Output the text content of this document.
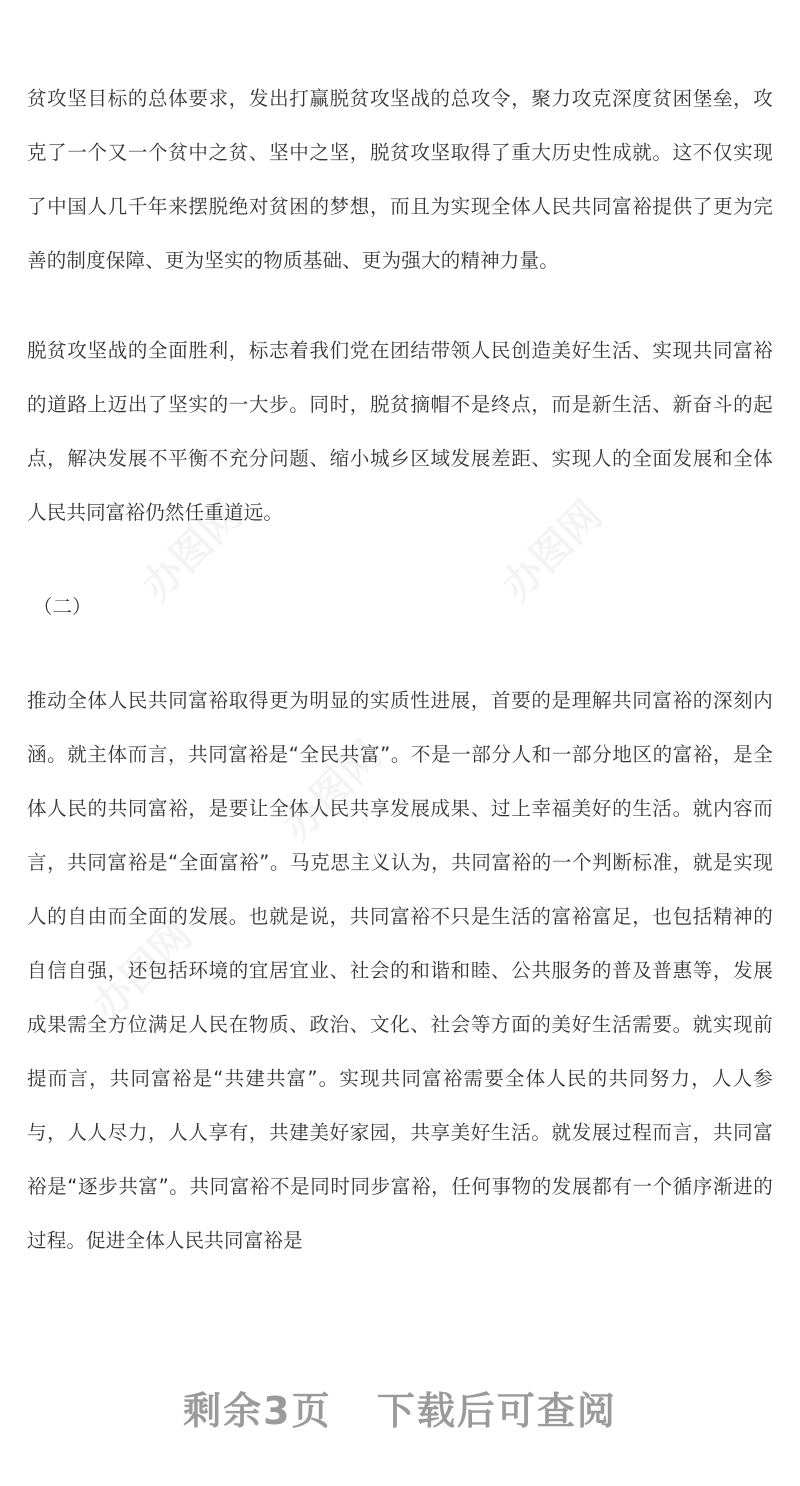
贫攻坚目标的总体要求，发出打赢脱贫攻坚战的总攻令，聚力攻克深度贫困堡垒，攻克了一个又一个贫中之贫、坚中之坚，脱贫攻坚取得了重大历史性成就。这不仅实现了中国人几千年来摆脱绝对贫困的梦想，而且为实现全体人民共同富裕提供了更为完善的制度保障、更为坚实的物质基础、更为强大的精神力量。

脱贫攻坚战的全面胜利，标志着我们党在团结带领人民创造美好生活、实现共同富裕的道路上迈出了坚实的一大步。同时，脱贫摘帽不是终点，而是新生活、新奋斗的起点，解决发展不平衡不充分问题、缩小城乡区域发展差距、实现人的全面发展和全体人民共同富裕仍然任重道远。

（二）

推动全体人民共同富裕取得更为明显的实质性进展，首要的是理解共同富裕的深刻内涵。就主体而言，共同富裕是“全民共富”。不是一部分人和一部分地区的富裕，是全体人民的共同富裕，是要让全体人民共享发展成果、过上幸福美好的生活。就内容而言，共同富裕是“全面富裕”。马克思主义认为，共同富裕的一个判断标准，就是实现人的自由而全面的发展。也就是说，共同富裕不只是生活的富裕富足，也包括精神的自信自强，还包括环境的宜居宜业、社会的和谐和睦、公共服务的普及普惠等，发展成果需全方位满足人民在物质、政治、文化、社会等方面的美好生活需要。就实现前提而言，共同富裕是“共建共富”。实现共同富裕需要全体人民的共同努力，人人参与，人人尽力，人人享有，共建美好家园，共享美好生活。就发展过程而言，共同富裕是“逐步共富”。共同富裕不是同时同步富裕，任何事物的发展都有一个循序渐进的过程。促进全体人民共同富裕是

剩余3页 下载后可查阅
